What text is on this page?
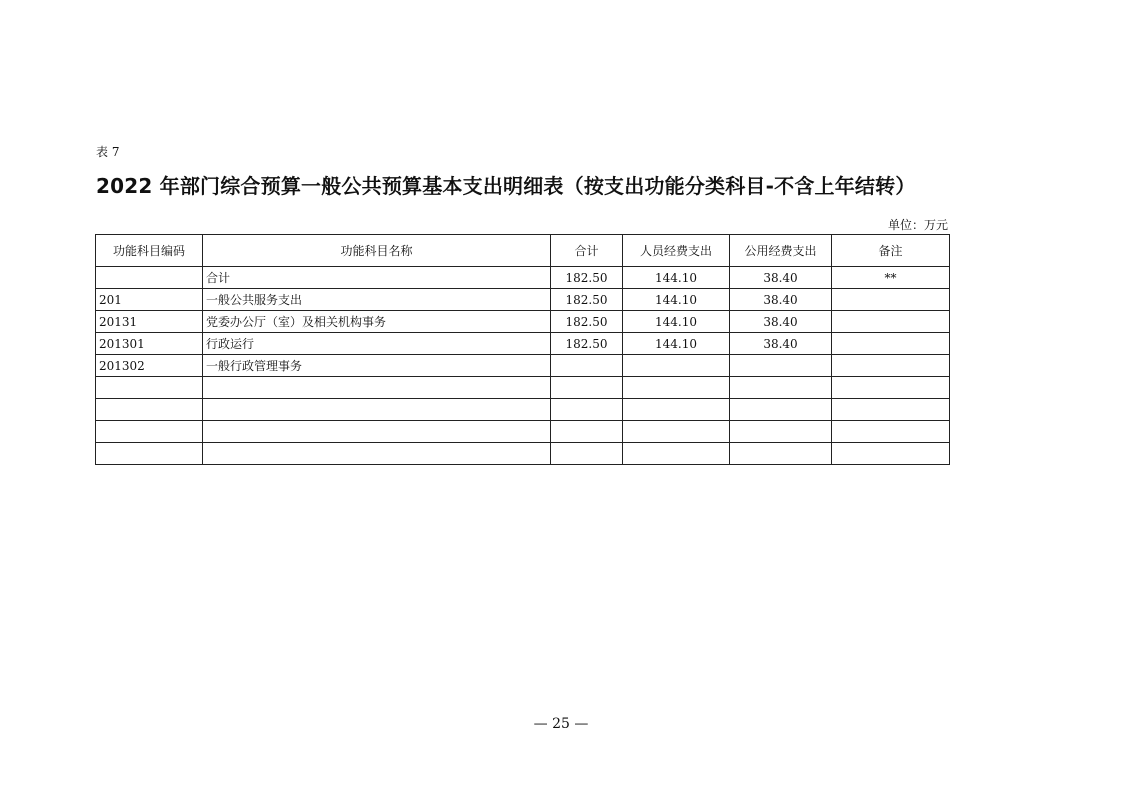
表 7
2022 年部门综合预算一般公共预算基本支出明细表（按支出功能分类科目-不含上年结转）
单位：万元
功能科目编码	功能科目名称	合计	人员经费支出	公用经费支出	备注
	合计	182.50	144.10	38.40	**
201	一般公共服务支出	182.50	144.10	38.40	
20131	党委办公厅（室）及相关机构事务	182.50	144.10	38.40	
201301	行政运行	182.50	144.10	38.40	
201302	一般行政管理事务				

— 25 —
